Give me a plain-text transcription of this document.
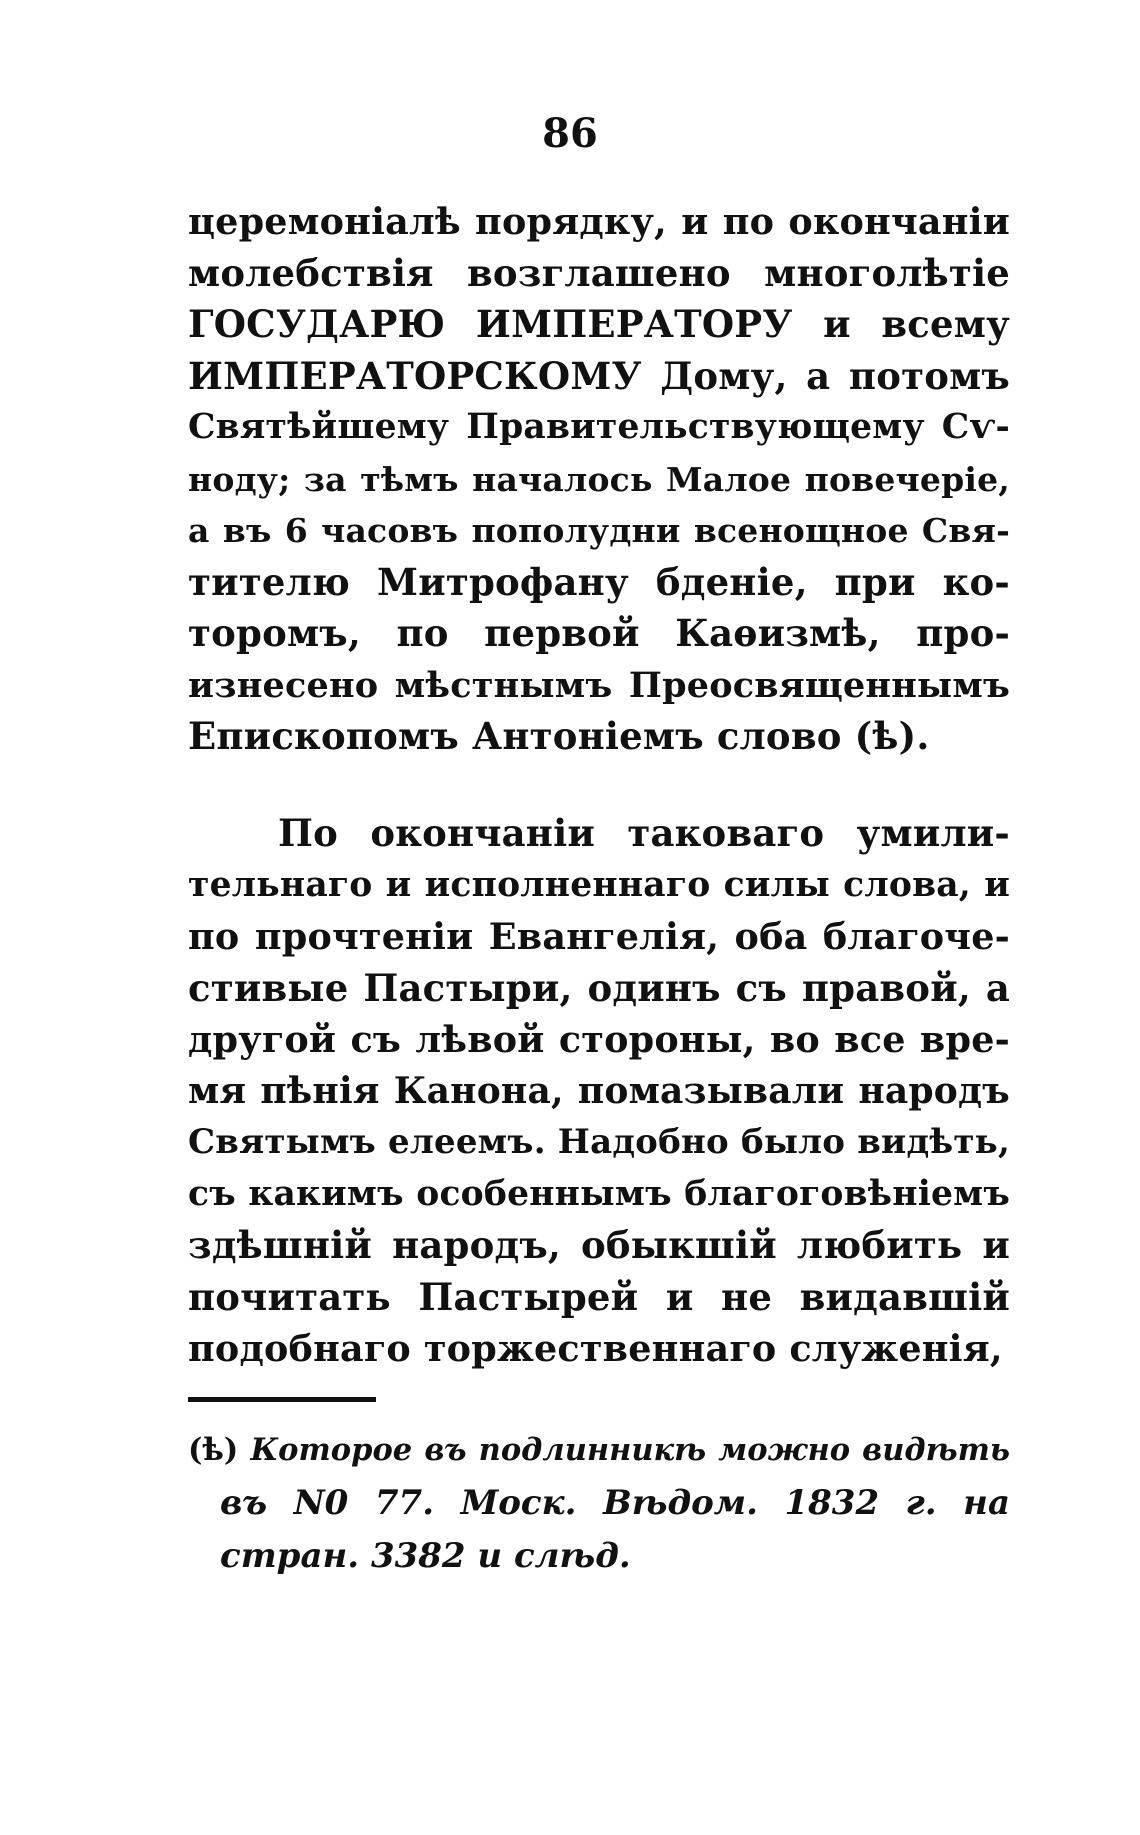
86
церемоніалѣ порядку, и по окончаніи
молебствія возглашено многолѣтіе
ГОСУДАРЮ ИМПЕРАТОРУ и всему
ИМПЕРАТОРСКОМУ Дому, а потомъ
Святѣйшему Правительствующему Сѵ-
ноду; за тѣмъ началось Малое повечеріе,
а въ 6 часовъ пополудни всенощное Свя-
тителю Митрофану бденіе, при ко-
торомъ, по первой Каѳизмѣ, про-
изнесено мѣстнымъ Преосвященнымъ
Епископомъ Антоніемъ слово (ѣ).
По окончаніи таковаго умили-
тельнаго и исполненнаго силы слова, и
по прочтеніи Евангелія, оба благоче-
стивые Пастыри, одинъ съ правой, а
другой съ лѣвой стороны, во все вре-
мя пѣнія Канона, помазывали народъ
Святымъ елеемъ. Надобно было видѣть,
съ какимъ особеннымъ благоговѣніемъ
здѣшній народъ, обыкшій любить и
почитать Пастырей и не видавшій
подобнаго торжественнаго служенія,
(ѣ) Которое въ подлинникѣ можно видѣть
въ N0 77. Моск. Вѣдом. 1832 г. на
стран. 3382 и слѣд.
